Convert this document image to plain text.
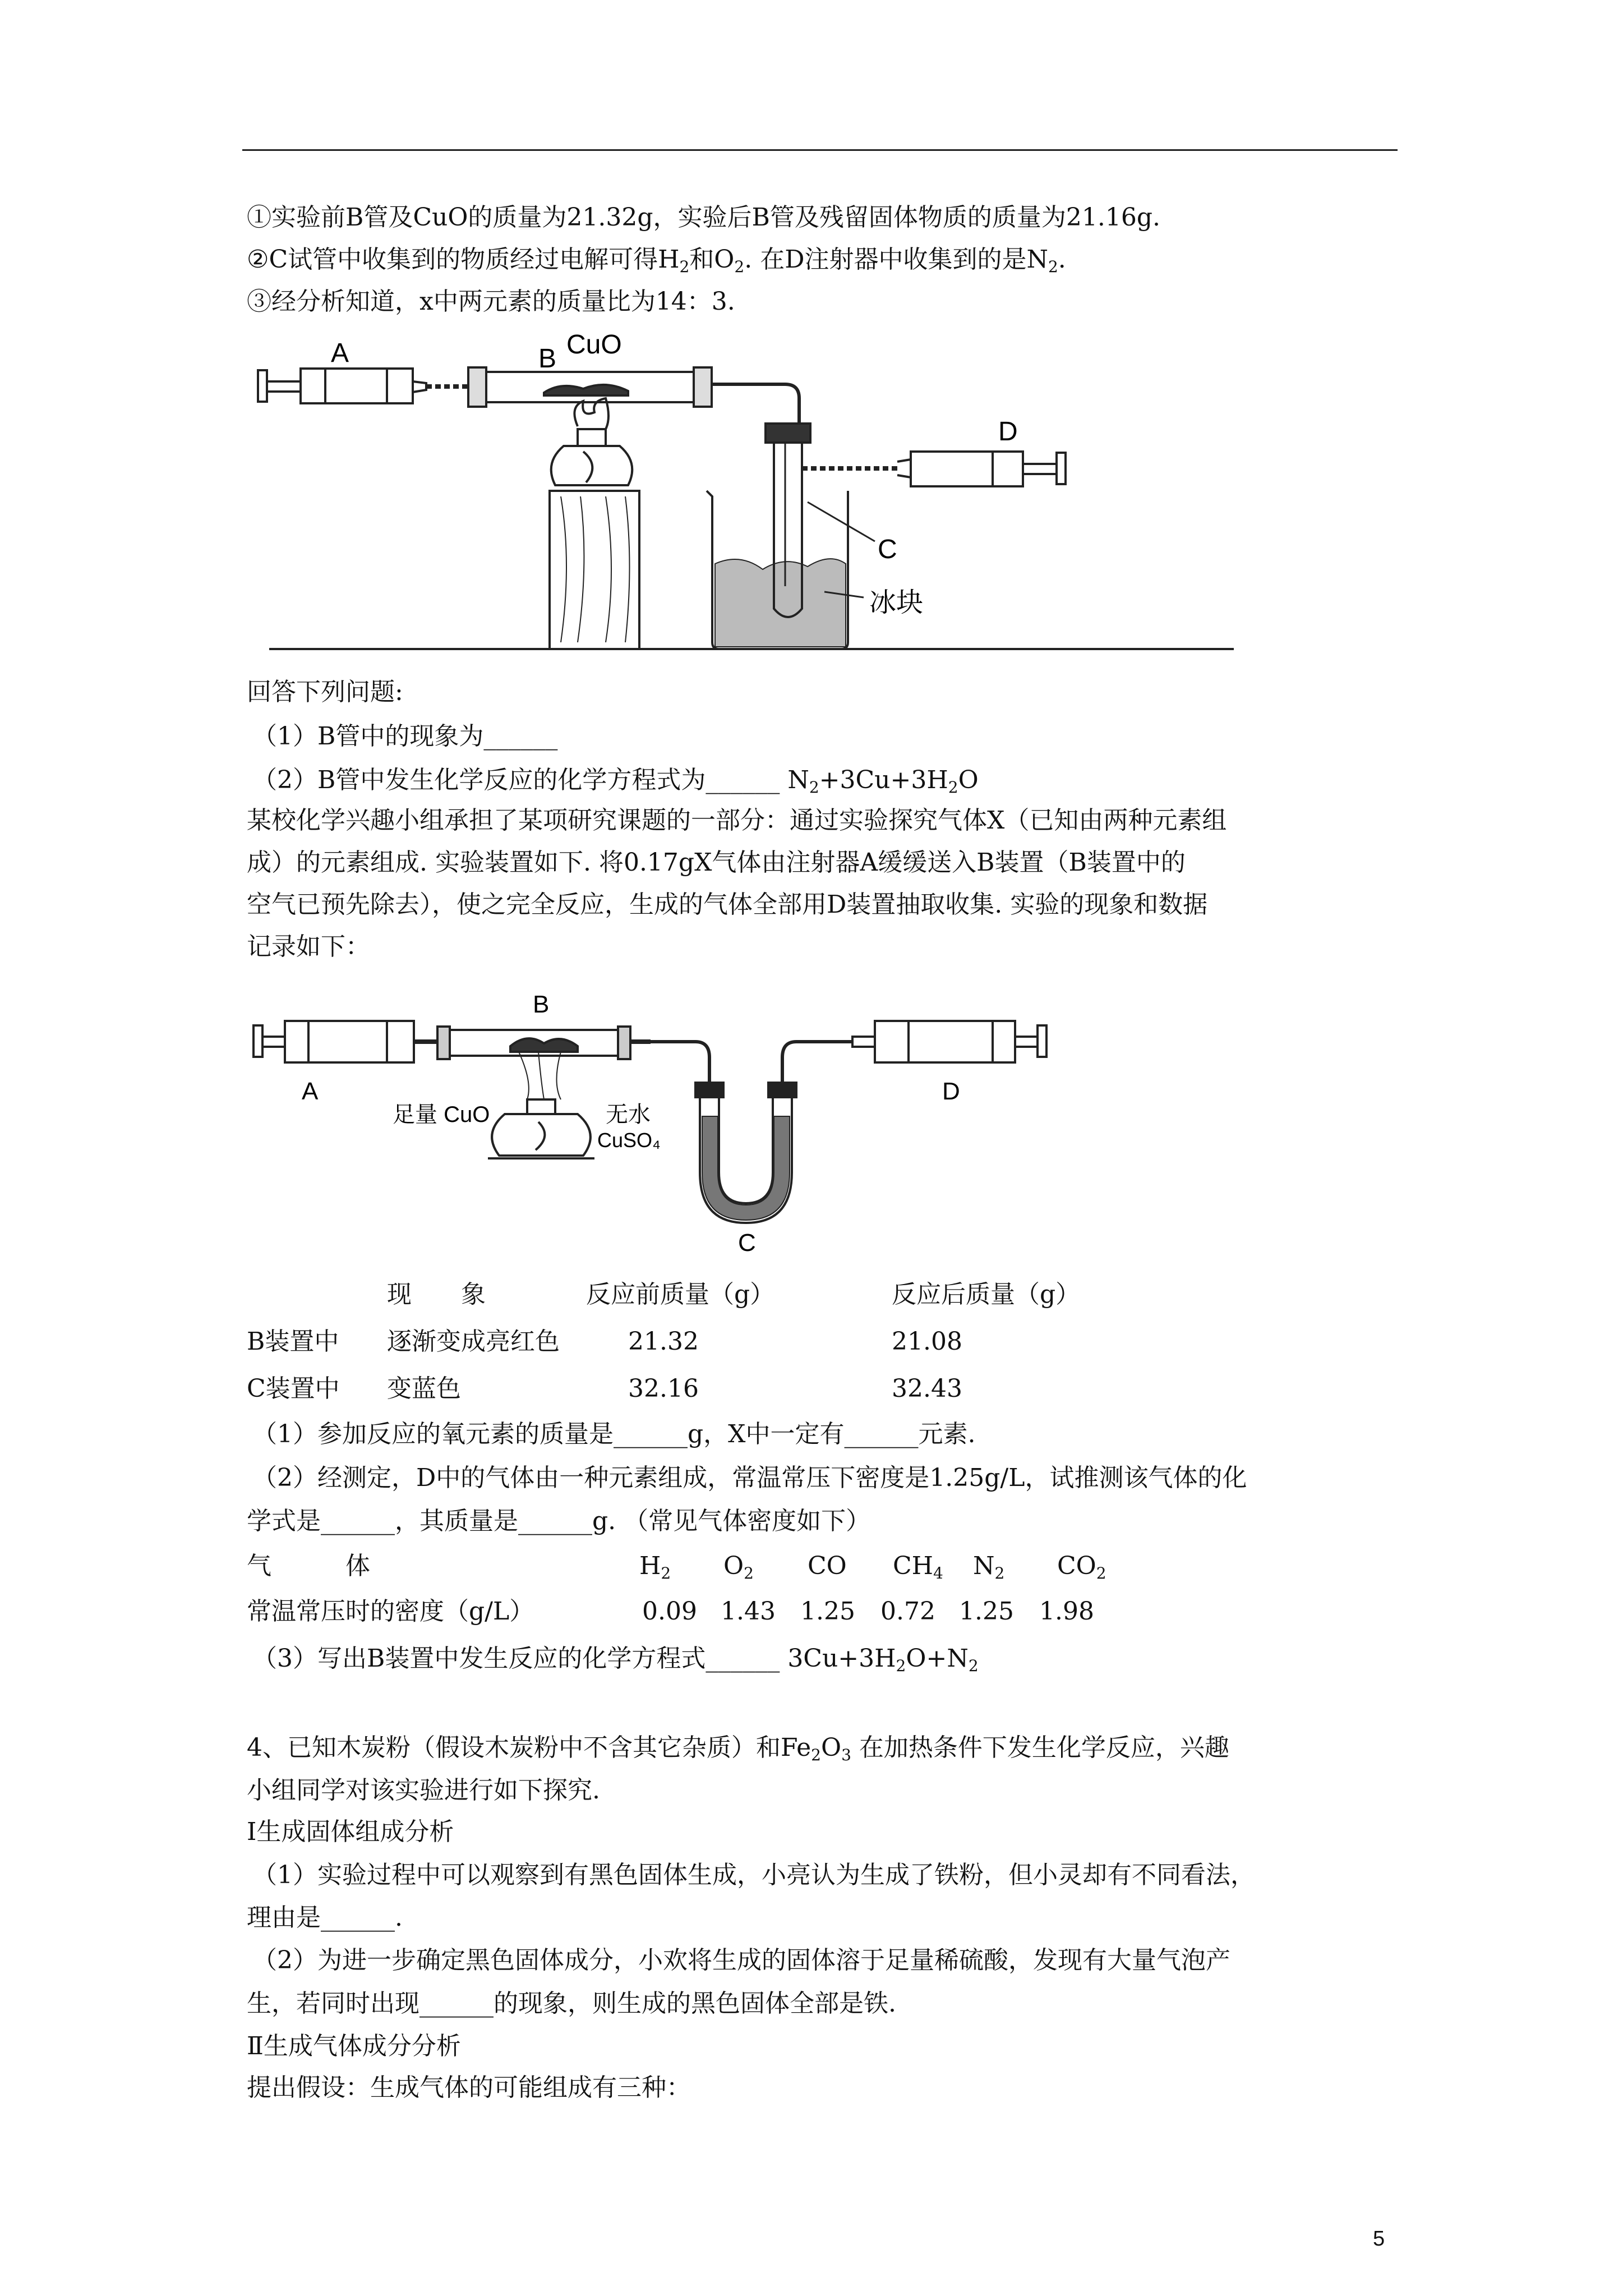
①实验前B管及CuO的质量为21.32g，实验后B管及残留固体物质的质量为21.16g.
②C试管中收集到的物质经过电解可得$H_2$和$O_2$. 在D注射器中收集到的是$N_2$.
③经分析知道，x中两元素的质量比为14：3.
A	B CuO
C
D
冰块
回答下列问题:
（1）B管中的现象为______
（2）B管中发生化学反应的化学方程式为______ $N_2+3Cu+3H_2O$
某校化学兴趣小组承担了某项研究课题的一部分：通过实验探究气体X（已知由两种元素组
成）的元素组成. 实验装置如下. 将0.17gX气体由注射器A缓缓送入B装置（B装置中的
空气已预先除去），使之完全反应，生成的气体全部用D装置抽取收集. 实验的现象和数据
记录如下：
A
B
足量 CuO	无水
CuSO₄
C
D
现　　象	反应前质量（g）	反应后质量（g）
B装置中 逐渐变成亮红色	21.32	21.08
C装置中 变蓝色	32.16	32.43
（1）参加反应的氧元素的质量是______g，X中一定有______元素.
（2）经测定，D中的气体由一种元素组成，常温常压下密度是1.25g/L，试推测该气体的化
学式是______，其质量是______g. （常见气体密度如下）
气　　　体	$H_2$ $O_2$ CO $CH_4$ $N_2$ $CO_2$
常温常压时的密度（g/L）	0.09 1.43 1.25 0.72 1.25 1.98
（3）写出B装置中发生反应的化学方程式______ $3Cu+3H_2O+N_2$
4、已知木炭粉（假设木炭粉中不含其它杂质）和$Fe_2O_3$ 在加热条件下发生化学反应，兴趣
小组同学对该实验进行如下探究.
Ⅰ生成固体组成分析
（1）实验过程中可以观察到有黑色固体生成，小亮认为生成了铁粉，但小灵却有不同看法，
理由是______.
（2）为进一步确定黑色固体成分，小欢将生成的固体溶于足量稀硫酸，发现有大量气泡产
生，若同时出现______的现象，则生成的黑色固体全部是铁.
Ⅱ生成气体成分分析
提出假设：生成气体的可能组成有三种：
5
